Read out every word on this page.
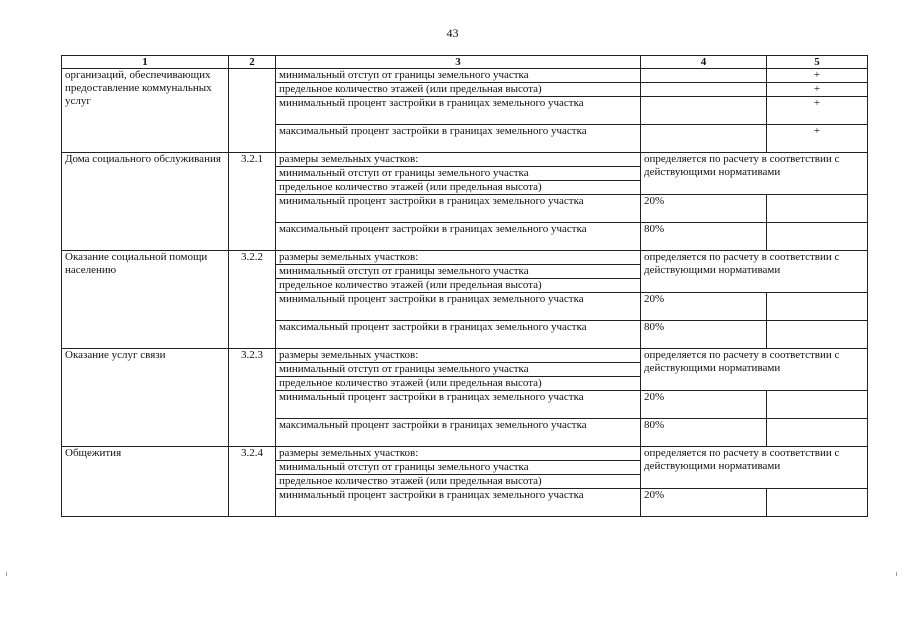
43
1	2	3	4	5
организаций, обеспечивающих предоставление коммунальных услуг		минимальный отступ от границы земельного участка		+
		предельное количество этажей (или предельная высота)		+
		минимальный процент застройки в границах земельного участка		+
		максимальный процент застройки в границах земельного участка		+
Дома социального обслуживания	3.2.1	размеры земельных участков:	определяется по расчету в соответствии с действующими нормативами	
		минимальный отступ от границы земельного участка		
		предельное количество этажей (или предельная высота)		
		минимальный процент застройки в границах земельного участка	20%	
		максимальный процент застройки в границах земельного участка	80%	
Оказание социальной помощи населению	3.2.2	размеры земельных участков:	определяется по расчету в соответствии с действующими нормативами	
		минимальный отступ от границы земельного участка		
		предельное количество этажей (или предельная высота)		
		минимальный процент застройки в границах земельного участка	20%	
		максимальный процент застройки в границах земельного участка	80%	
Оказание услуг связи	3.2.3	размеры земельных участков:	определяется по расчету в соответствии с действующими нормативами	
		минимальный отступ от границы земельного участка		
		предельное количество этажей (или предельная высота)		
		минимальный процент застройки в границах земельного участка	20%	
		максимальный процент застройки в границах земельного участка	80%	
Общежития	3.2.4	размеры земельных участков:	определяется по расчету в соответствии с действующими нормативами	
		минимальный отступ от границы земельного участка		
		предельное количество этажей (или предельная высота)		
		минимальный процент застройки в границах земельного участка	20%	
